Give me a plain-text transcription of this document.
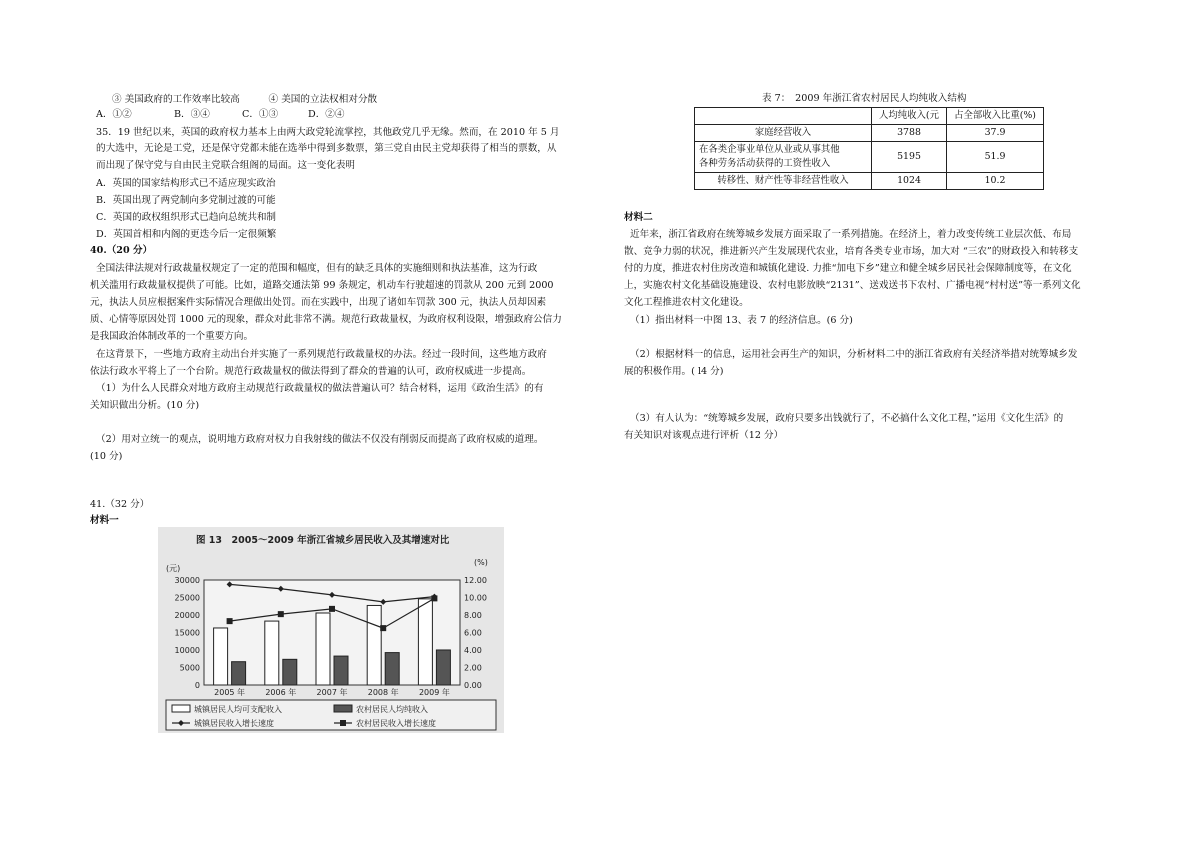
③ 美国政府的工作效率比较高　　　④ 美国的立法权相对分散
A．①②	B．③④	C．①③	D．②④
35．19 世纪以来，英国的政府权力基本上由两大政党轮流掌控，其他政党几乎无缘。然而，在 2010 年 5 月
的大选中，无论是工党，还是保守党都未能在选举中得到多数票，第三党自由民主党却获得了相当的票数，从
而出现了保守党与自由民主党联合组阁的局面。这一变化表明
A．英国的国家结构形式已不适应现实政治
B．英国出现了两党制向多党制过渡的可能
C．英国的政权组织形式已趋向总统共和制
D．英国首相和内阁的更迭今后一定很频繁
40.（20 分）
全国法律法规对行政裁量权规定了一定的范围和幅度，但有的缺乏具体的实施细则和执法基准，这为行政
机关滥用行政裁量权提供了可能。比如，道路交通法第 99 条规定，机动车行驶超速的罚款从 200 元到 2000
元，执法人员应根据案件实际情况合理做出处罚。而在实践中，出现了诸如车罚款 300 元，执法人员却因素
质、心情等原因处罚 1000 元的现象，群众对此非常不满。规范行政裁量权，为政府权利设限，增强政府公信力
是我国政治体制改革的一个重要方向。
在这背景下，一些地方政府主动出台并实施了一系列规范行政裁量权的办法。经过一段时间，这些地方政府
依法行政水平将上了一个台阶。规范行政裁量权的做法得到了群众的普遍的认可，政府权威进一步提高。
（1）为什么人民群众对地方政府主动规范行政裁量权的做法普遍认可？结合材料，运用《政治生活》的有
关知识做出分析。(10 分)
（2）用对立统一的观点，说明地方政府对权力自我射线的做法不仅没有削弱反而提高了政府权威的道理。
(10 分)
41.（32 分）
材料一
图 13　2005～2009 年浙江省城乡居民收入及其增速对比
(元)
(%)
30000
25000
20000
15000
10000
5000
0
12.00
10.00
8.00
6.00
4.00
2.00
0.00
2005 年	2006 年	2007 年	2008 年	2009 年
城镇居民人均可支配收入	农村居民人均纯收入
城镇居民收入增长速度	农村居民收入增长速度
表 7：　2009 年浙江省农村居民人均纯收入结构
	人均纯收入(元	占全部收入比重(%)
家庭经营收入	3788	37.9

在各类企事业单位从业或从事其他
各种劳务活动获得的工资性收入	5195	51.9
转移性、财产性等非经营性收入	1024	10.2
材料二
近年来，浙江省政府在统筹城乡发展方面采取了一系列措施。在经济上，着力改变传统工业层次低、布局
散、竞争力弱的状况，推进新兴产生发展现代农业，培育各类专业市场，加大对 “三农”的财政投入和转移支
付的力度，推进农村住房改造和城镇化建设. 力推“加电下乡”建立和健全城乡居民社会保障制度等，在文化
上，实施农村文化基础设施建设、农村电影放映“2131”、送戏送书下农村、广播电视“村村送”等一系列文化
文化工程推进农村文化建设。
（1）指出材料一中图 13、表 7 的经济信息。(6 分)
（2）根据材料一的信息，运用社会再生产的知识，分析材料二中的浙江省政府有关经济举措对统筹城乡发
展的积极作用。( l4 分)
（3）有人认为：“统筹城乡发展，政府只要多出钱就行了，不必搞什么文化工程，”运用《文化生活》的
有关知识对该观点进行评析（12 分）
